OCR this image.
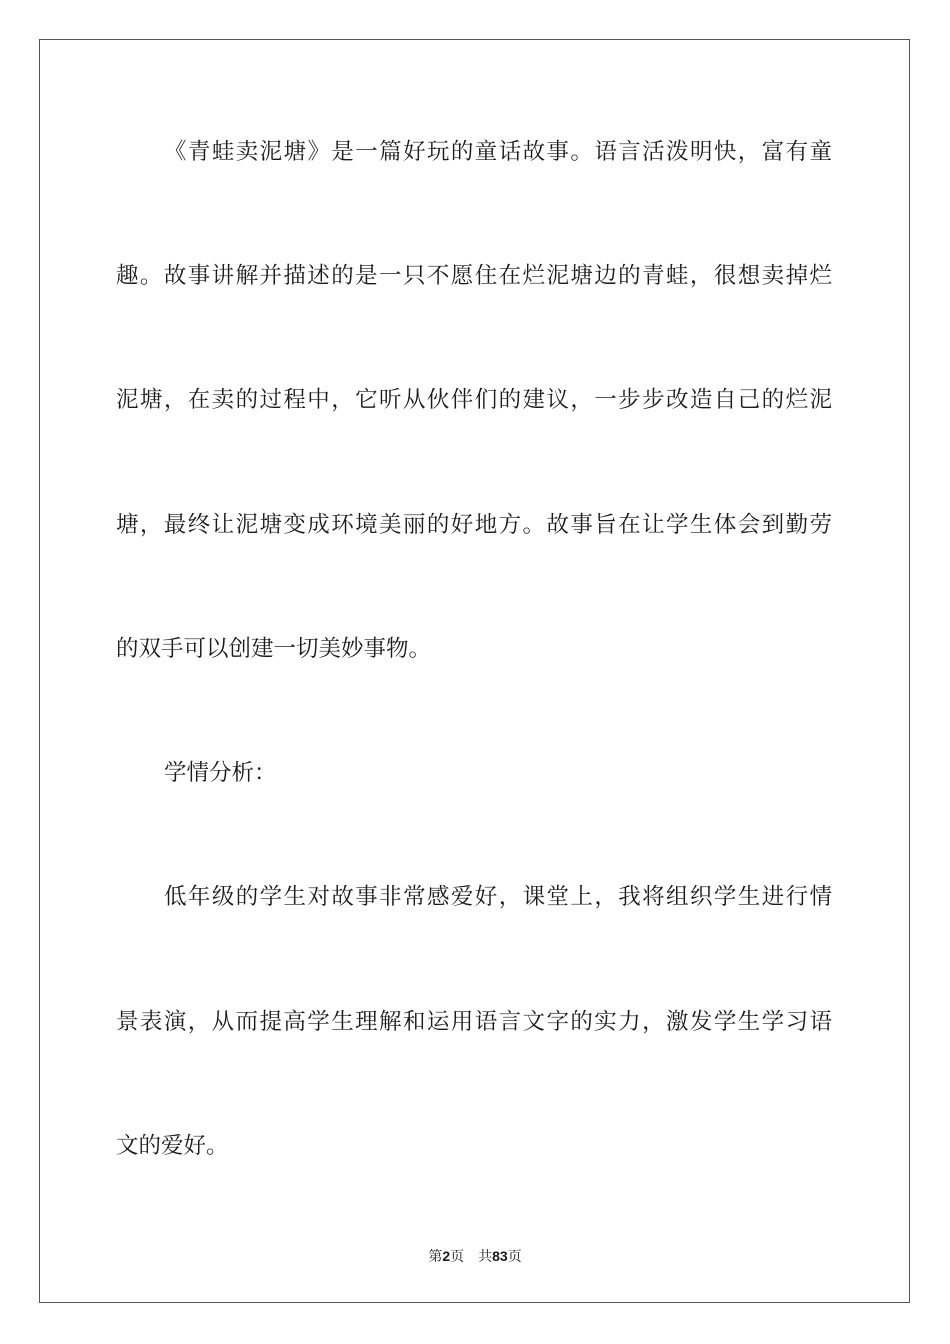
《青蛙卖泥塘》是一篇好玩的童话故事。语言活泼明快，富有童
趣。故事讲解并描述的是一只不愿住在烂泥塘边的青蛙，很想卖掉烂
泥塘，在卖的过程中，它听从伙伴们的建议，一步步改造自己的烂泥
塘，最终让泥塘变成环境美丽的好地方。故事旨在让学生体会到勤劳
的双手可以创建一切美妙事物。
学情分析：
低年级的学生对故事非常感爱好，课堂上，我将组织学生进行情
景表演，从而提高学生理解和运用语言文字的实力，激发学生学习语
文的爱好。
第2页 共83页
